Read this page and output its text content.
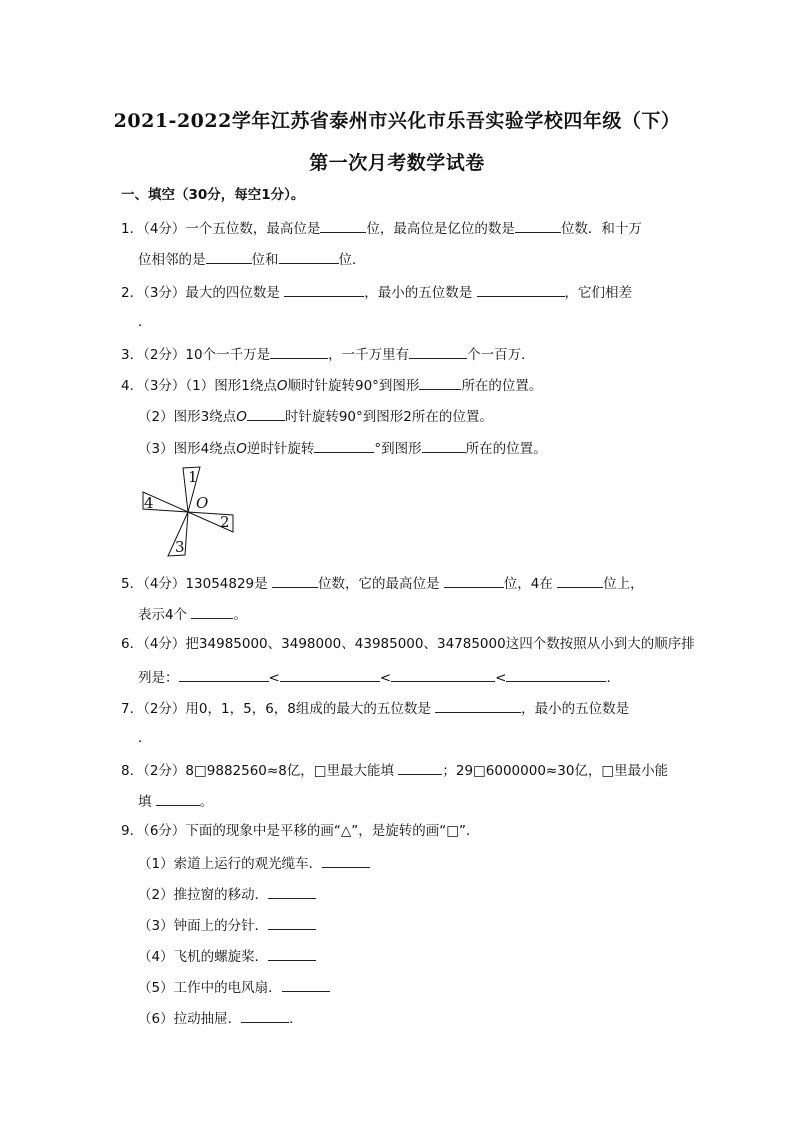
2021-2022学年江苏省泰州市兴化市乐吾实验学校四年级（下）
第一次月考数学试卷
一、填空（30分，每空1分）。
1．（4分）一个五位数，最高位是	位，最高位是亿位的数是	位数．和十万
位相邻的是	位和	位．
2．（3分）最大的四位数是	，最小的五位数是	，它们相差
．
3．（2分）10个一千万是	，一千万里有	个一百万．
4．（3分）（1）图形1绕点O顺时针旋转90°到图形	所在的位置。
（2）图形3绕点O	时针旋转90°到图形2所在的位置。
（3）图形4绕点O逆时针旋转	°到图形	所在的位置。
1
2
3
4	O
5．（4分）13054829是	位数，它的最高位是	位，4在	位上，
表示4个	。
6．（4分）把34985000、3498000、43985000、34785000这四个数按照从小到大的顺序排
列是：	<	<	<	．
7．（2分）用0，1，5，6，8组成的最大的五位数是	，最小的五位数是
．
8．（2分）8□9882560≈8亿，□里最大能填	；29□6000000≈30亿，□里最小能
填	。
9．（6分）下面的现象中是平移的画“△”，是旋转的画“□”．
（1）索道上运行的观光缆车．
（2）推拉窗的移动．
（3）钟面上的分针．
（4）飞机的螺旋桨．
（5）工作中的电风扇．
（6）拉动抽屉．	．
